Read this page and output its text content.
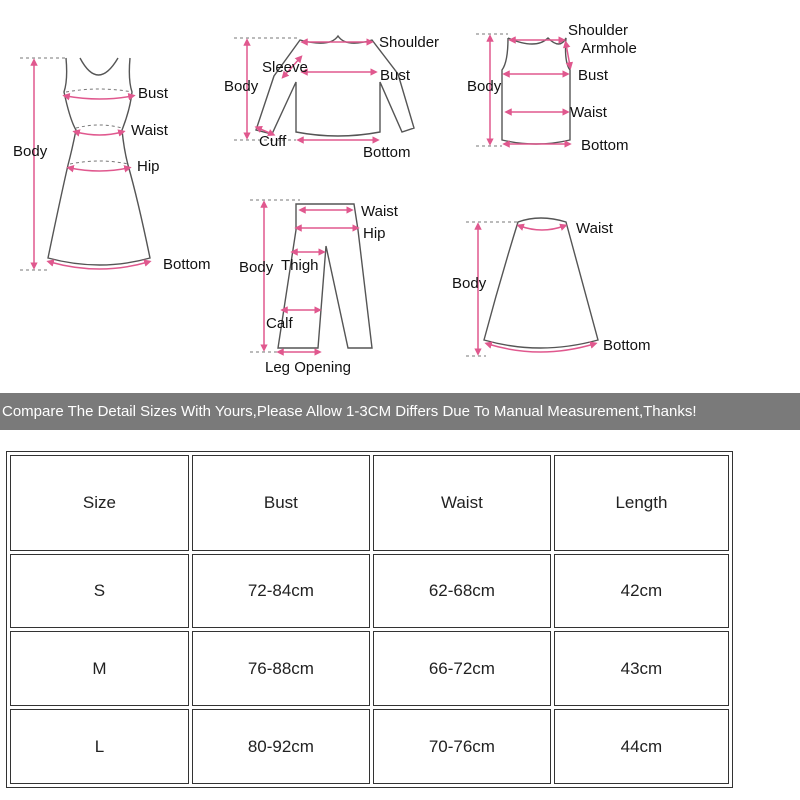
Bust
Waist
Hip
Body
Bottom
Shoulder
Sleeve
Body
Bust
Cuff
Bottom
Shoulder
Armhole
Body
Bust
Waist
Bottom
Waist
Hip
Body Thigh
Calf
Leg Opening
Waist
Body
Bottom
Compare The Detail Sizes With Yours,Please Allow 1-3CM Differs Due To Manual Measurement,Thanks!
Size	Bust	Waist	Length
S	72-84cm	62-68cm	42cm
M	76-88cm	66-72cm	43cm
L	80-92cm	70-76cm	44cm
